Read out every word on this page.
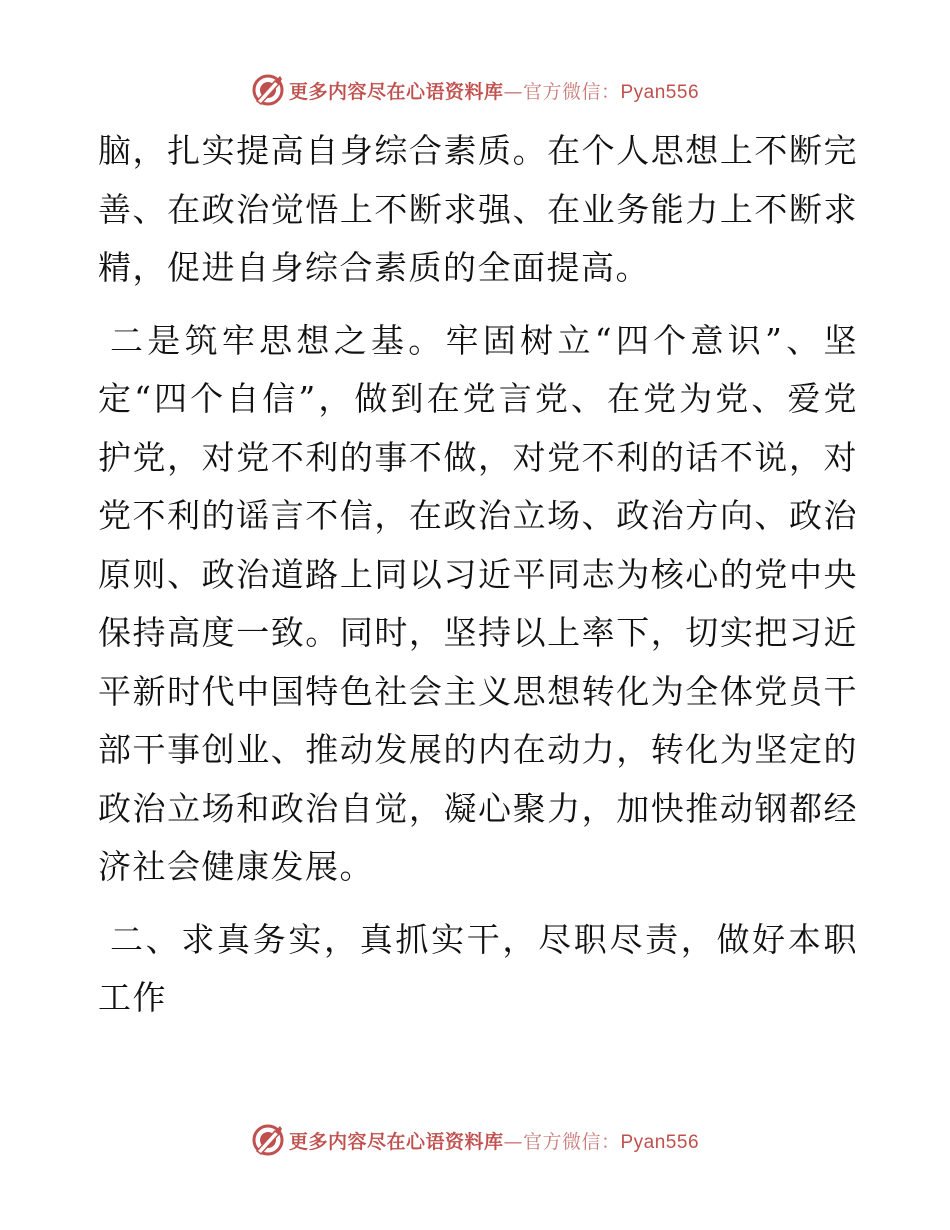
更多内容尽在心语资料库—官方微信：Pyan556

脑，扎实提高自身综合素质。在个人思想上不断完善、在政治觉悟上不断求强、在业务能力上不断求精，促进自身综合素质的全面提高。

二是筑牢思想之基。牢固树立“四个意识”、坚定“四个自信”，做到在党言党、在党为党、爱党护党，对党不利的事不做，对党不利的话不说，对党不利的谣言不信，在政治立场、政治方向、政治原则、政治道路上同以习近平同志为核心的党中央保持高度一致。同时，坚持以上率下，切实把习近平新时代中国特色社会主义思想转化为全体党员干部干事创业、推动发展的内在动力，转化为坚定的政治立场和政治自觉，凝心聚力，加快推动钢都经济社会健康发展。

二、求真务实，真抓实干，尽职尽责，做好本职工作

更多内容尽在心语资料库—官方微信：Pyan556
